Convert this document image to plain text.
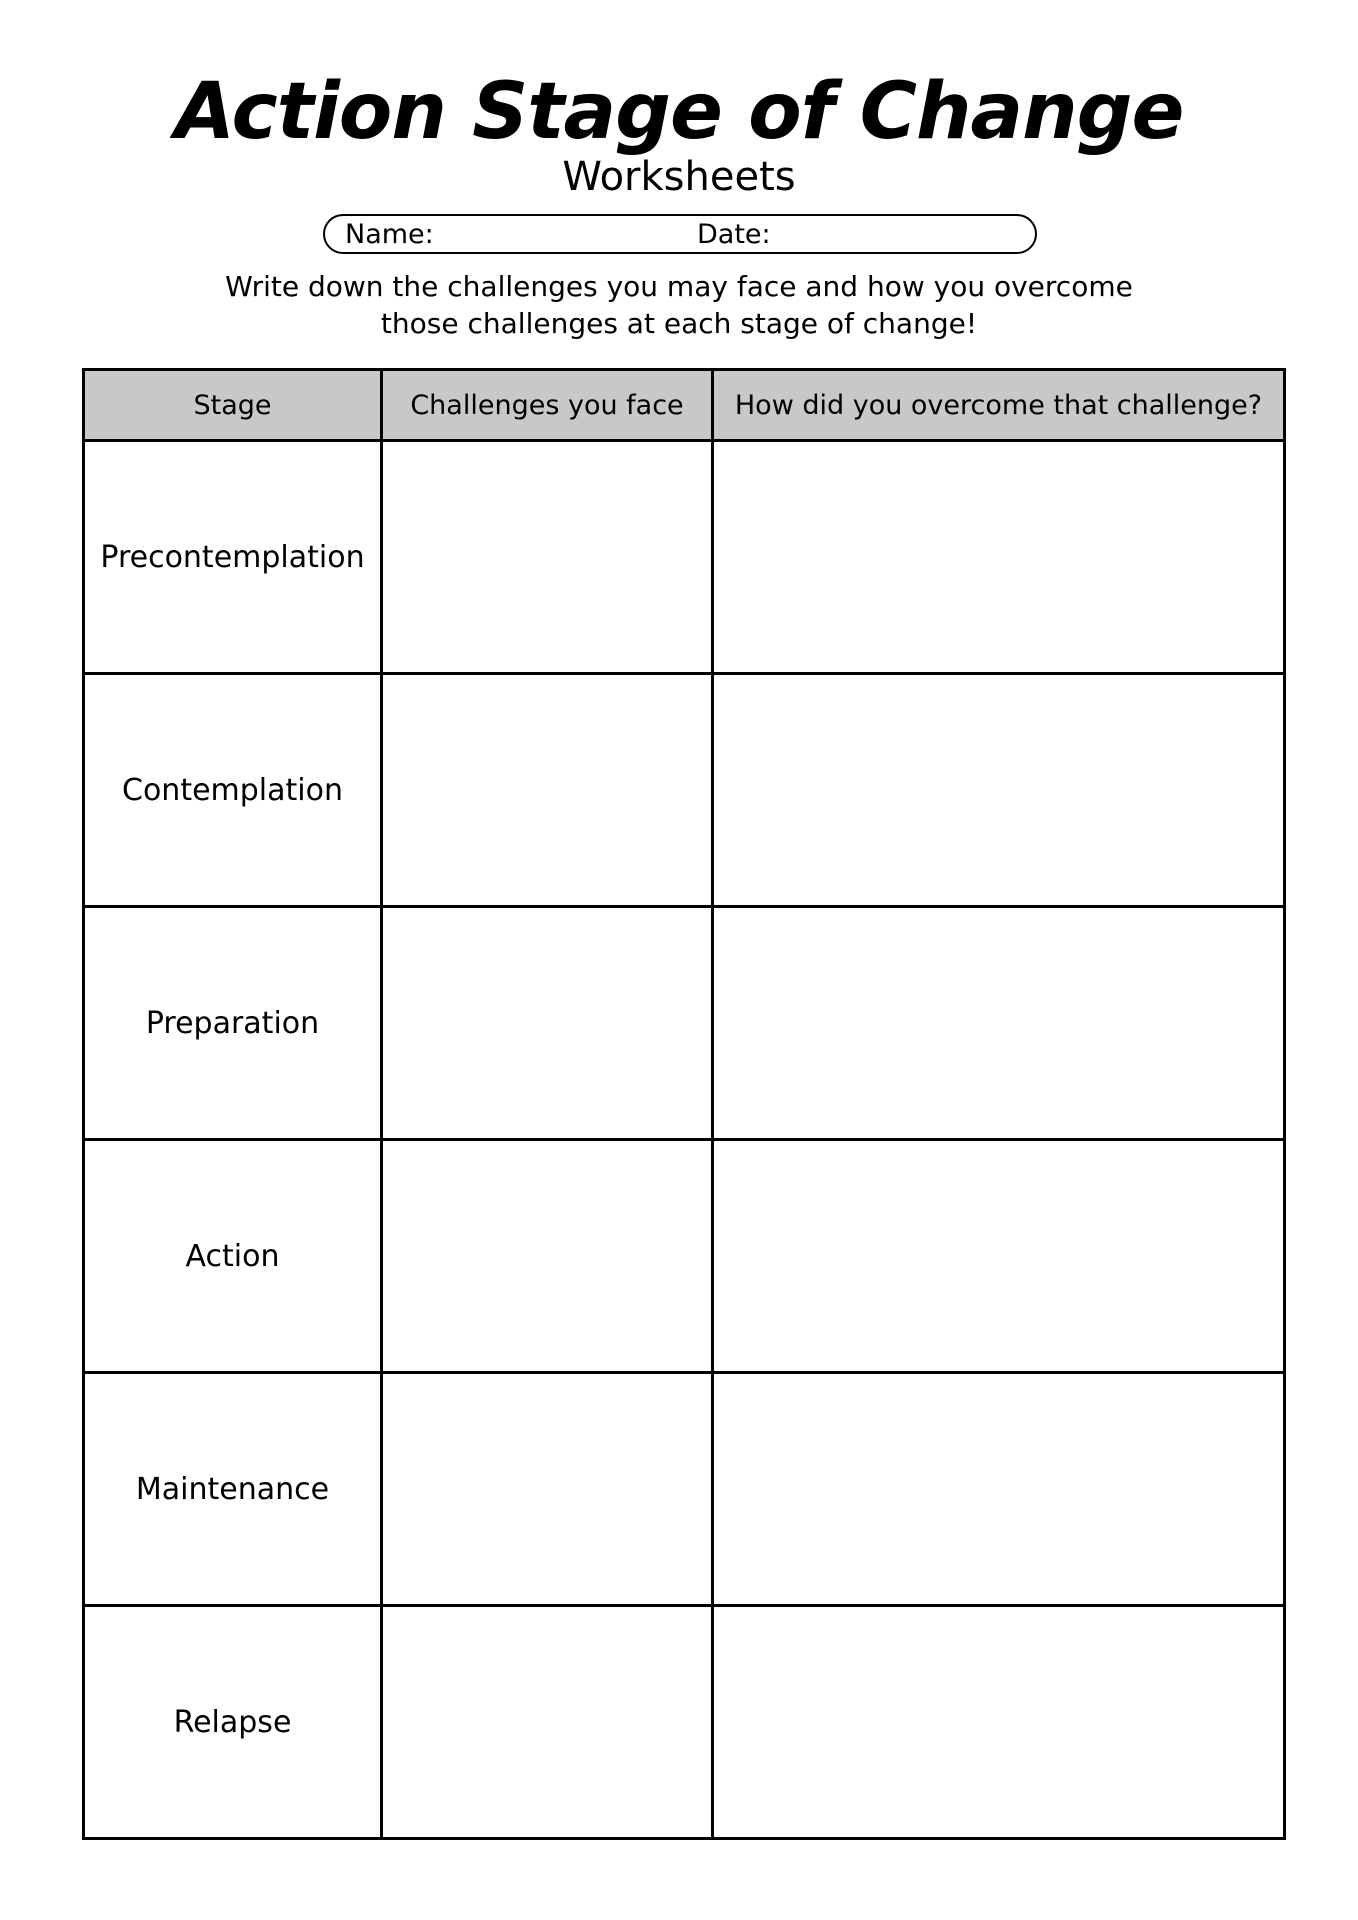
Action Stage of Change
Worksheets
Name:	Date:
Write down the challenges you may face and how you overcome
those challenges at each stage of change!
Stage	Challenges you face	How did you overcome that challenge?
Precontemplation		
Contemplation		
Preparation		
Action		
Maintenance		
Relapse		
